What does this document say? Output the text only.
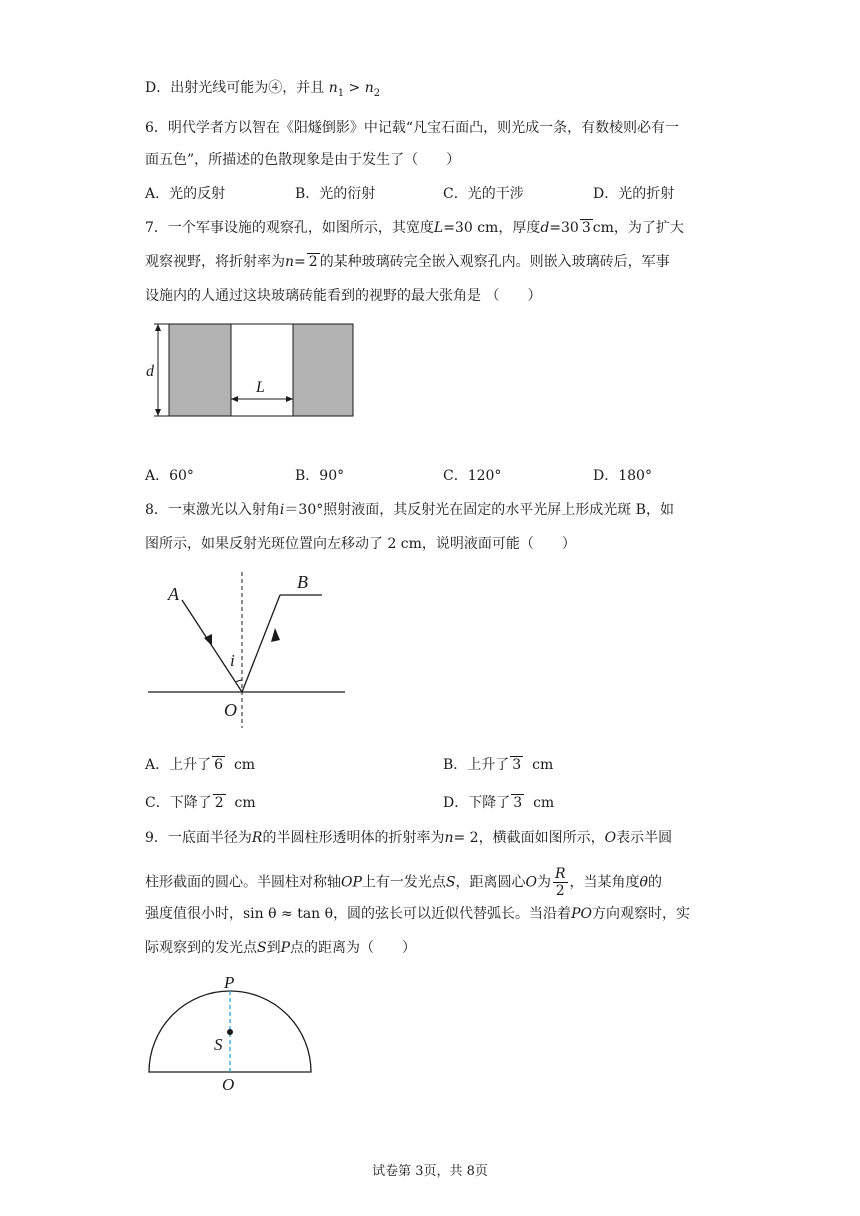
D．出射光线可能为④，并且 $n_1 > n_2$
6．明代学者方以智在《阳燧倒影》中记载“凡宝石面凸，则光成一条，有数棱则必有一
面五色”，所描述的色散现象是由于发生了（　　）
A．光的反射	B．光的衍射	C．光的干涉	D．光的折射
7．一个军事设施的观察孔，如图所示，其宽度L=30 cm，厚度d=30 3 cm，为了扩大
观察视野，将折射率为n= 2 的某种玻璃砖完全嵌入观察孔内。则嵌入玻璃砖后，军事
设施内的人通过这块玻璃砖能看到的视野的最大张角是 （　　）
d
L
A．60°	B．90°	C．120°	D．180°
8．一束激光以入射角i＝30°照射液面，其反射光在固定的水平光屏上形成光斑 B，如
图所示，如果反射光斑位置向左移动了 2 cm，说明液面可能（　　）
A
B
i
O
A．上升了 6 cm	B．上升了 3 cm
C．下降了 2 cm	D．下降了 3 cm
9．一底面半径为R的半圆柱形透明体的折射率为n= 2，横截面如图所示，O表示半圆
柱形截面的圆心。半圆柱对称轴OP上有一发光点S，距离圆心O为 $\frac{R}{2}$ ，当某角度θ的
强度值很小时，sin θ ≈ tan θ，圆的弦长可以近似代替弧长。当沿着PO方向观察时，实
际观察到的发光点S到P点的距离为（　　）
P
S
O
试卷第 3页，共 8页
